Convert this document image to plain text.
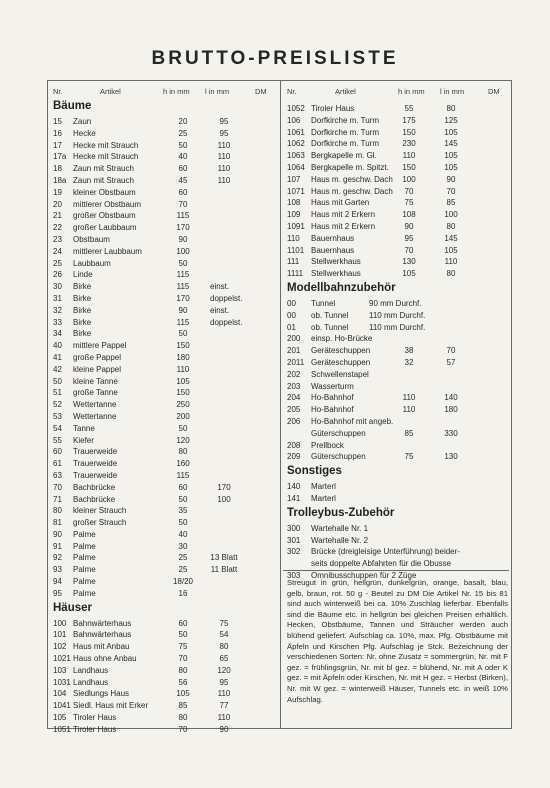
BRUTTO-PREISLISTE
Nr.	Artikel	h in mm l in mm	DM	Nr.	Artikel	h in mm l in mm	DM
Bäume
15 Zaun	20	95
16 Hecke	25	95
17 Hecke mit Strauch	50	110
17a Hecke mit Strauch	40	110
18 Zaun mit Strauch	60	110
18a Zaun mit Strauch	45	110
19 kleiner Obstbaum	60
20 mittlerer Obstbaum	70
21 großer Obstbaum	115
22 großer Laubbaum	170
23 Obstbaum	90
24 mittlerer Laubbaum	100
25 Laubbaum	50
26 Linde	115
30 Birke	115	einst.
31 Birke	170	doppelst.
32 Birke	90	einst.
33 Birke	115	doppelst.
34 Birke	50
40 mittlere Pappel	150
41 große Pappel	180
42 kleine Pappel	110
50 kleine Tanne	105
51 große Tanne	150
52 Wettertanne	250
53 Wettertanne	200
54 Tanne	50
55 Kiefer	120
60 Trauerweide	80
61 Trauerweide	160
63 Trauerweide	115
70 Bachbrücke	60	170
71 Bachbrücke	50	100
80 kleiner Strauch	35
81 großer Strauch	50
90 Palme	40
91 Palme	30
92 Palme	25	13 Blatt
93 Palme	25	11 Blatt
94 Palme	18/20
95 Palme	16
Häuser
100 Bahnwärterhaus	60	75
101 Bahnwärterhaus	50	54
102 Haus mit Anbau	75	80
1021 Haus ohne Anbau	70	65
103 Landhaus	80	120
1031 Landhaus	56	95
104 Siedlungs Haus	105	110
1041 Siedl. Haus mit Erker	85	77
105 Tiroler Haus	80	110
1051 Tiroler Haus	70	90
1052 Tiroler Haus	55	80
106 Dorfkirche m. Turm	175	125
1061 Dorfkirche m. Turm	150	105
1062 Dorfkirche m. Turm	230	145
1063 Bergkapelle m. Gl.	110	105
1064 Bergkapelle m. Spitzt.	150	105
107 Haus m. geschw. Dach	100	90
1071 Haus m. geschw. Dach	70	70
108 Haus mit Garten	75	85
109 Haus mit 2 Erkern	108	100
1091 Haus mit 2 Erkern	90	80
110 Bauernhaus	95	145
1101 Bauernhaus	70	105
111 Stellwerkhaus	130	110
1111 Stellwerkhaus	105	80
Modellbahnzubehör
00 Tunnel	90 mm Durchf.
00 ob. Tunnel	110 mm Durchf.
01 ob. Tunnel	110 mm Durchf.
200 einsp. Ho-Brücke
201 Geräteschuppen	38	70
2011 Geräteschuppen	32	57
202 Schwellenstapel
203 Wasserturm
204 Ho-Bahnhof	110	140
205 Ho-Bahnhof	110	180
206 Ho-Bahnhof mit angeb.
Güterschuppen	85	330
208 Prellbock
209 Güterschuppen	75	130
Sonstiges
140 Marterl
141 Marterl
Trolleybus-Zubehör
300 Wartehalle Nr. 1
301 Wartehalle Nr. 2
302 Brücke (dreigleisige Unterführung) beider-
seits doppelte Abfahrten für die Obusse
303 Omnibusschuppen für 2 Züge
Streugut in grün, hellgrün, dunkelgrün, orange, basalt, blau, gelb, braun, rot. 50 g - Beutel zu DM Die Artikel Nr. 15 bis 81 sind auch winterweiß bei ca. 10% Zuschlag lieferbar. Ebenfalls sind die Bäume etc. in hellgrün bei gleichen Preisen erhältlich. Hecken, Obstbäume, Tannen und Sträucher werden auch blühend geliefert. Aufschlag ca. 10%, max. Pfg. Obstbäume mit Äpfeln und Kirschen Pfg. Aufschlag je Stck. Bezeichnung der verschiedenen Sorten: Nr. ohne Zusatz = sommergrün, Nr. mit F gez. = frühlingsgrün, Nr. mit bl gez. = blühend, Nr. mit A oder K gez. = mit Äpfeln oder Kirschen, Nr. mit H gez. = Herbst (Birken), Nr. mit W gez. = winterweiß Häuser, Tunnels etc. in weiß 10% Aufschlag.
